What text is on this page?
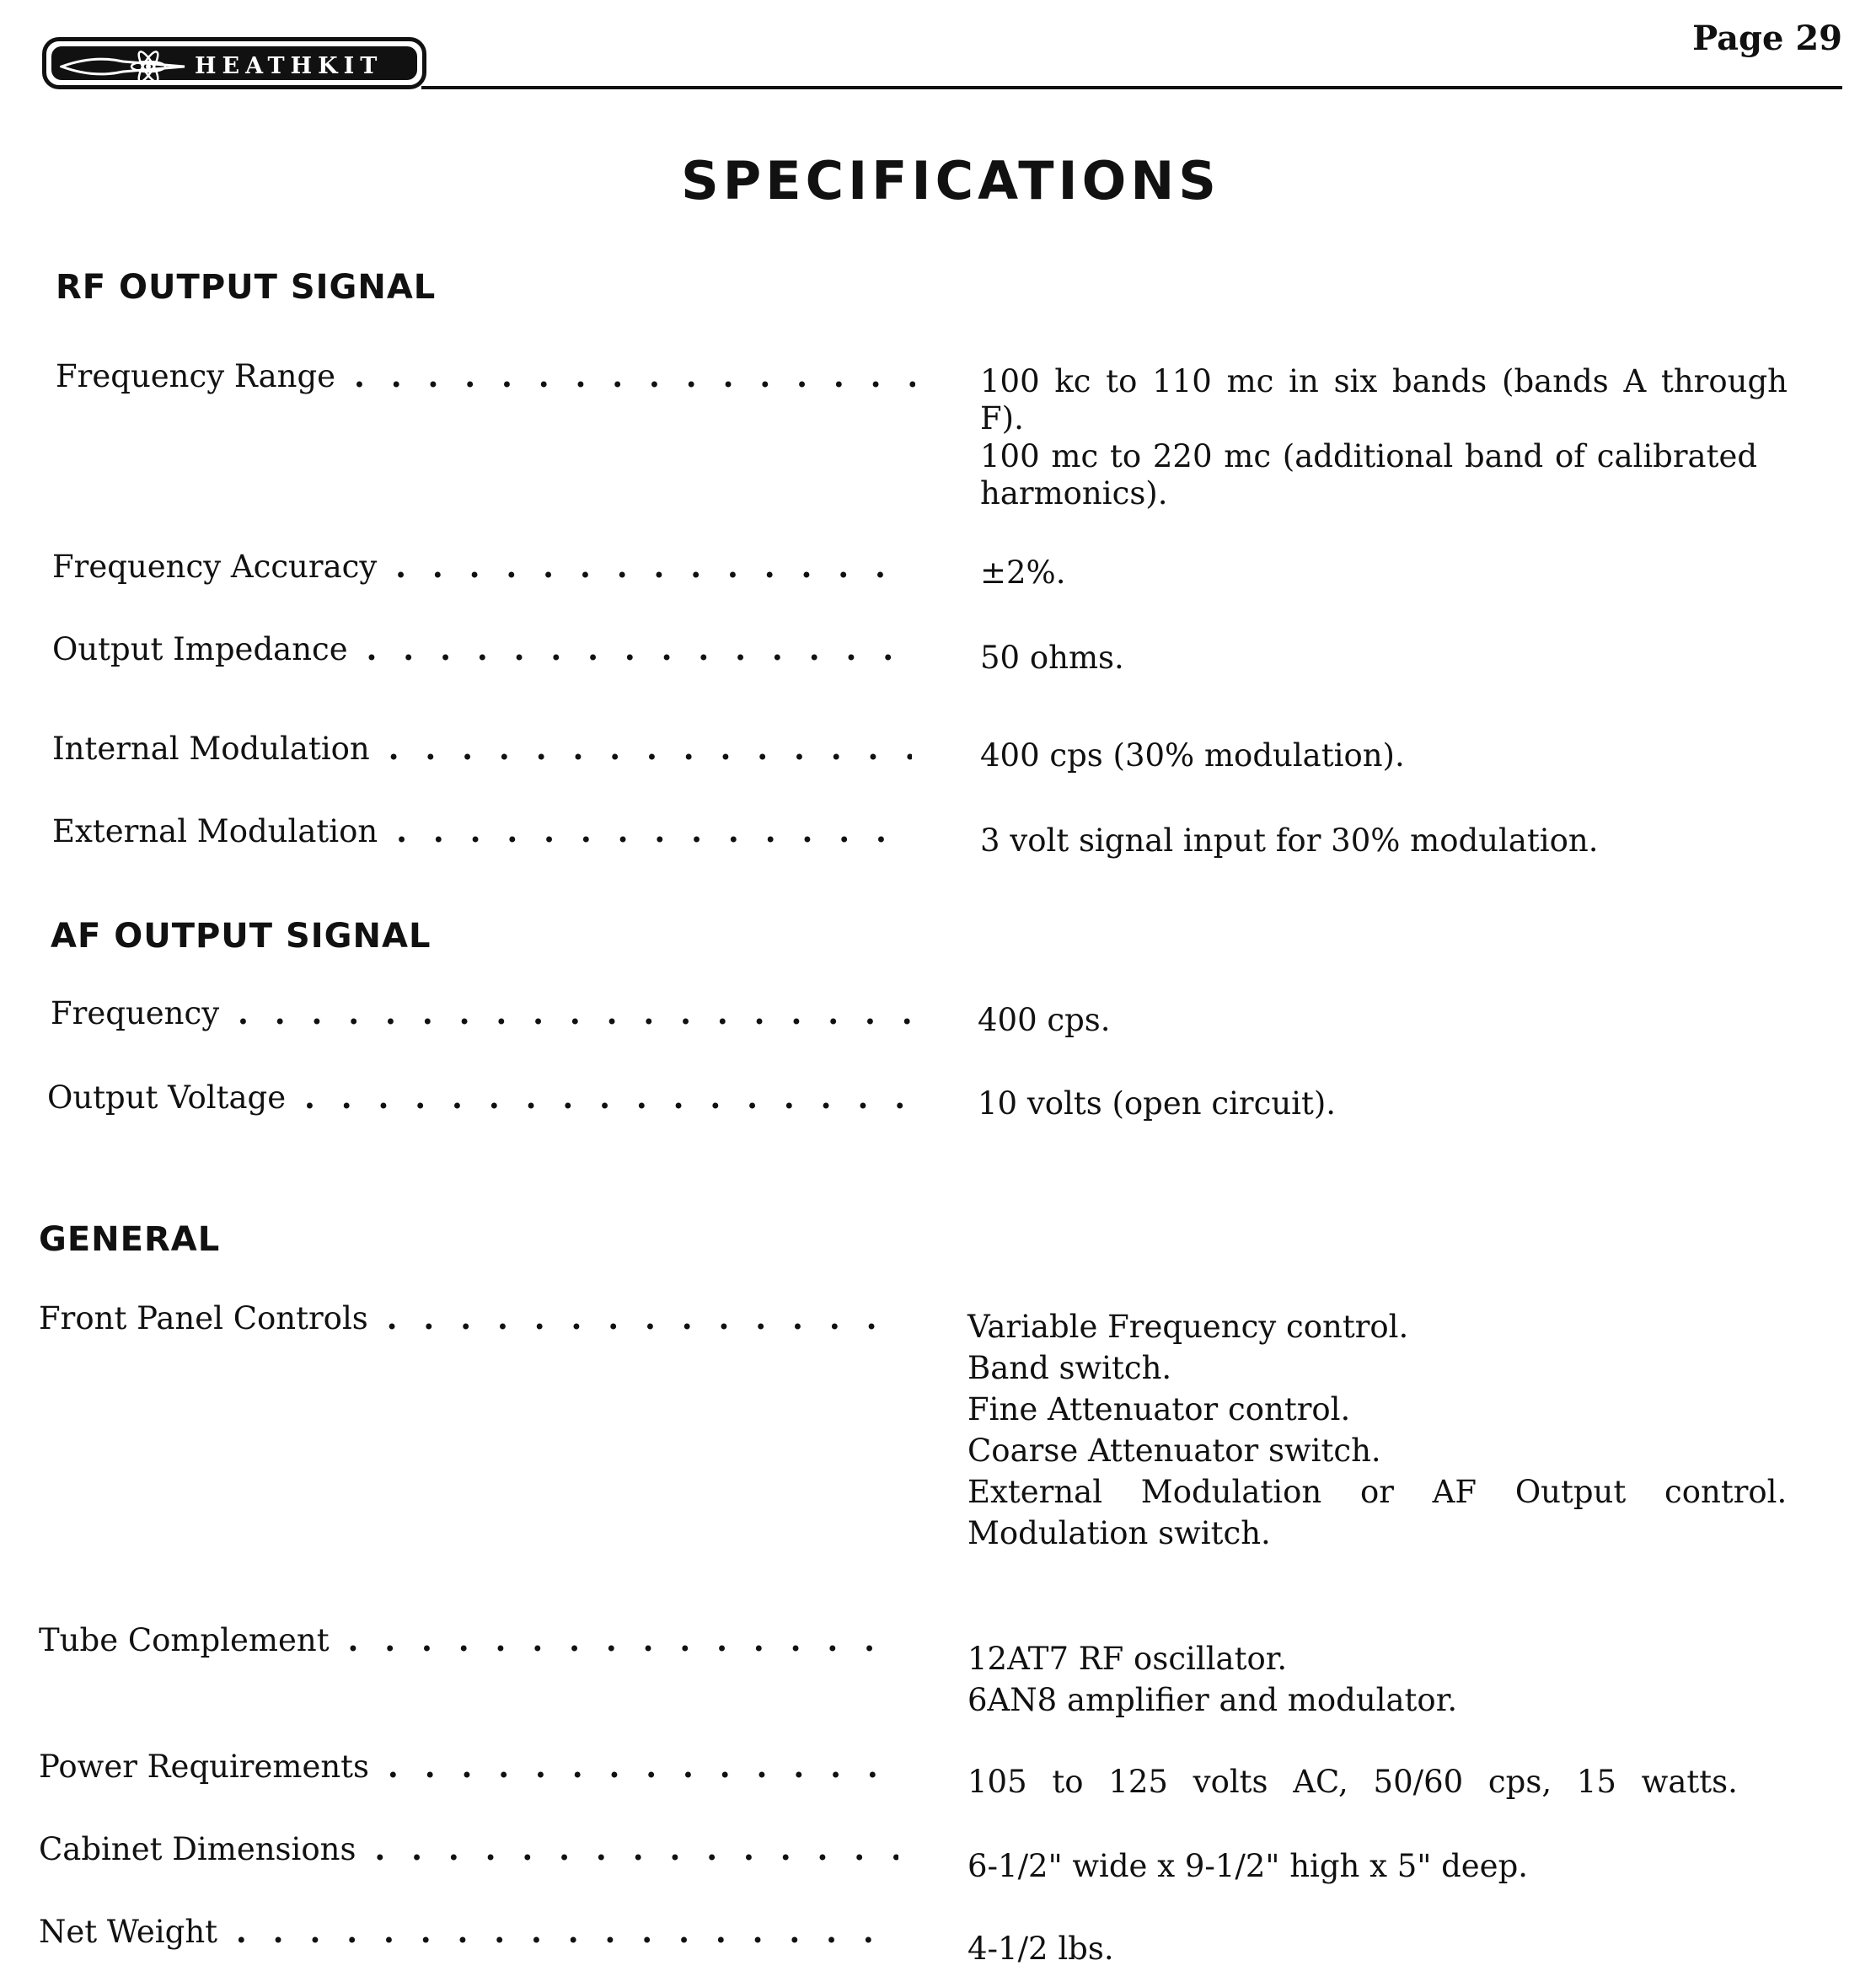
HEATHKIT
Page 29
SPECIFICATIONS
RF OUTPUT SIGNAL
Frequency Range . . .	100 kc to 110 mc in six bands (bands A through
F).
100 mc to 220 mc (additional band of calibrated
harmonics).
Frequency Accuracy . . .	±2%.
Output Impedance . . .	50 ohms.
Internal Modulation . . .	400 cps (30% modulation).
External Modulation . . .	3 volt signal input for 30% modulation.
AF OUTPUT SIGNAL
Frequency . . .	400 cps.
Output Voltage . . .	10 volts (open circuit).
GENERAL
Front Panel Controls . . .	Variable Frequency control.
Band switch.
Fine Attenuator control.
Coarse Attenuator switch.
External Modulation or AF Output control.
Modulation switch.
Tube Complement . . .
12AT7 RF oscillator.
6AN8 amplifier and modulator.
Power Requirements . . .	105 to 125 volts AC, 50/60 cps, 15 watts.
Cabinet Dimensions . . .	6-1/2" wide x 9-1/2" high x 5" deep.
Net Weight . . .	4-1/2 lbs.
